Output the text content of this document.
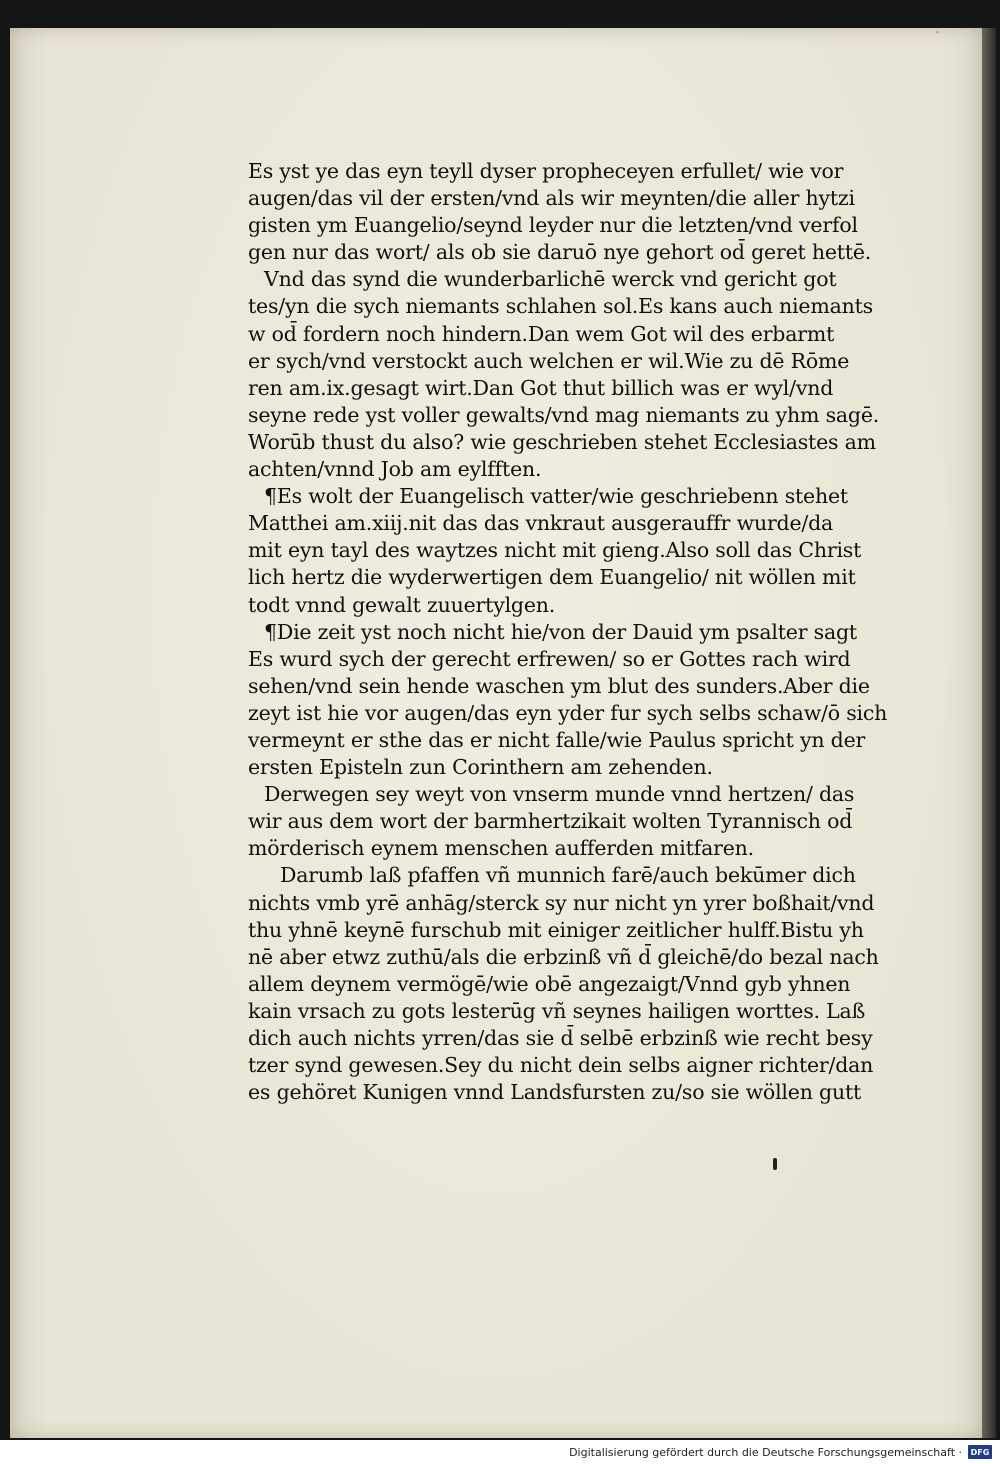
·
Es yst ye das eyn teyll dyser propheceyen erfullet/ wie vor
augen/das vil der ersten/vnd als wir meynten/die aller hytzi
gisten ym Euangelio/seynd leyder nur die letzten/vnd verfol
gen nur das wort/ als ob sie daruō nye gehort od̄ geret hettē.
Vnd das synd die wunderbarlichē werck vnd gericht got
tes/yn die sych niemants schlahen sol.Es kans auch niemants
w od̄ fordern noch hindern.Dan wem Got wil des erbarmt
er sych/vnd verstockt auch welchen er wil.Wie zu dē Rōme
ren am.ix.gesagt wirt.Dan Got thut billich was er wyl/vnd
seyne rede yst voller gewalts/vnd mag niemants zu yhm sagē.
Worūb thust du also? wie geschrieben stehet Ecclesiastes am
achten/vnnd Job am eylfften.
¶Es wolt der Euangelisch vatter/wie geschriebenn stehet
Matthei am.xiij.nit das das vnkraut ausgerauffr wurde/da
mit eyn tayl des waytzes nicht mit gieng.Also soll das Christ
lich hertz die wyderwertigen dem Euangelio/ nit wöllen mit
todt vnnd gewalt zuuertylgen.
¶Die zeit yst noch nicht hie/von der Dauid ym psalter sagt
Es wurd sych der gerecht erfrewen/ so er Gottes rach wird
sehen/vnd sein hende waschen ym blut des sunders.Aber die
zeyt ist hie vor augen/das eyn yder fur sych selbs schaw/ō sich
vermeynt er sthe das er nicht falle/wie Paulus spricht yn der
ersten Episteln zun Corinthern am zehenden.
Derwegen sey weyt von vnserm munde vnnd hertzen/ das
wir aus dem wort der barmhertzikait wolten Tyrannisch od̄
mörderisch eynem menschen aufferden mitfaren.
Darumb laß pfaffen vñ munnich farē/auch bekūmer dich
nichts vmb yrē anhāg/sterck sy nur nicht yn yrer boßhait/vnd
thu yhnē keynē furschub mit einiger zeitlicher hulff.Bistu yh
nē aber etwz zuthū/als die erbzinß vñ d̄ gleichē/do bezal nach
allem deynem vermögē/wie obē angezaigt/Vnnd gyb yhnen
kain vrsach zu gots lesterūg vñ seynes hailigen worttes. Laß
dich auch nichts yrren/das sie d̄ selbē erbzinß wie recht besy
tzer synd gewesen.Sey du nicht dein selbs aigner richter/dan
es gehöret Kunigen vnnd Landsfursten zu/so sie wöllen gutt
Digitalisierung gefördert durch die Deutsche Forschungsgemeinschaft ·	DFG
